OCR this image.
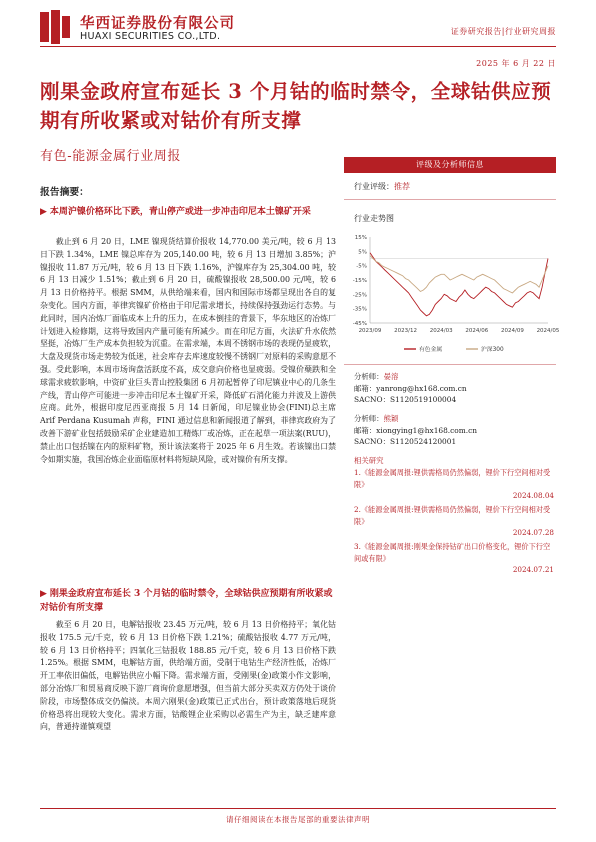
华西证券股份有限公司
HUAXI SECURITIES CO.,LTD.	证券研究报告|行业研究周报
2025 年 6 月 22 日
刚果金政府宣布延长 3 个月钴的临时禁令，全球钴供应预期有所收紧或对钴价有所支撑
有色-能源金属行业周报
报告摘要：
▶ 本周沪镍价格环比下跌，青山停产或进一步冲击印尼本土镍矿开采
截止到 6 月 20 日，LME 镍现货结算价报收 14,770.00 美元/吨，较 6 月 13 日下跌 1.34%，LME 镍总库存为 205,140.00 吨，较 6 月 13 日增加 3.85%；沪镍报收 11.87 万元/吨，较 6 月 13 日下跌 1.16%，沪镍库存为 25,304.00 吨，较 6 月 13 日减少 1.51%；截止到 6 月 20 日，硫酸镍报收 28,500.00 元/吨，较 6 月 13 日价格持平。根据 SMM，从供给端来看，国内和国际市场都呈现出各自的复杂变化。国内方面，菲律宾镍矿价格由于印尼需求增长，持续保持强劲运行态势。与此同时，国内冶炼厂面临成本上升的压力，在成本倒挂的背景下，华东地区的冶炼厂计划进入检修期，这将导致国内产量可能有所减少。而在印尼方面，火法矿升水依然坚挺，冶炼厂生产成本负担较为沉重。在需求端，本周不锈钢市场的表现仍显疲软，大盘及现货市场走势较为低迷，社会库存去库速度较慢不锈钢厂对原料的采购意愿不强。受此影响，本周市场询盘活跃度不高，成交意向价格也显疲弱。受镍价蘖跌和全球需求疲软影响，中资矿业巨头青山控股集团 6 月初起暂停了印尼镇业中心的几条生产线，青山停产可能进一步冲击印尼本土镍矿开采，降低矿石消化能力并波及上游供应商。此外，根据印度尼西亚商报 5 月 14 日新闻，印尼镍业协会(FINI)总主席 Arif Perdana Kusumah 声称，FINI 通过信息和新闻报道了解到，菲律宾政府为了改善下游矿业包括鼓励采矿企业建造加工精炼厂或冶炼，正在起草一项法案(RUU)，禁止出口包括镍在内的原料矿物，预计该法案将于 2025 年 6 月生效。若该镍出口禁令如期实施，我国冶炼企业面临原材料将短缺风险，或对镍价有所支撑。
▶ 刚果金政府宣布延长 3 个月钴的临时禁令，全球钴供应预期有所收紧或对钴价有所支撑
截至 6 月 20 日，电解钴报收 23.45 万元/吨，较 6 月 13 日价格持平；氧化钴报收 175.5 元/千克，较 6 月 13 日价格下跌 1.21%；硫酸钴报收 4.77 万元/吨，较 6 月 13 日价格持平；四氧化三钴报收 188.85 元/千克，较 6 月 13 日价格下跌 1.25%。根据 SMM，电解钴方面，供给端方面，受制于电钴生产经济性低，冶炼厂开工率依旧偏低，电解钴供应小幅下降。需求端方面，受刚果(金)政策小作文影响，部分冶炼厂和贸易商反映下游厂商询价意愿增强，但当前大部分买卖双方仍处于谈价阶段，市场整体成交仍偏淡。本周六刚果(金)政策已正式出台，预计政策落地后现货价格恐将出现较大变化。需求方面，钴酸锂企业采购以必需生产为主，缺乏建库意向，普通持谨慎观望
评级及分析师信息
行业评级：推荐
行业走势图
15%
5%
-5%
-15%
-25%
-35%
-45%
2023/09 2023/12 2024/03 2024/06 2024/09 2024/05
有色金属	沪深300
分析师：晏溶
邮箱：yanrong@hx168.com.cn
SACNO：S1120519100004
分析师：熊颖
邮箱：xiongying1@hx168.com.cn
SACNO：S1120524120001
相关研究
1.《能源金属周报:锂供需格局仍然偏弱，锂价下行空间相对受限》
2024.08.04
2.《能源金属周报:锂供需格局仍然偏弱，锂价下行空间相对受限》
2024.07.28
3.《能源金属周报:刚果金保持钴矿出口价格变化，锂价下行空间或有限》
2024.07.21
请仔细阅读在本报告尾部的重要法律声明
